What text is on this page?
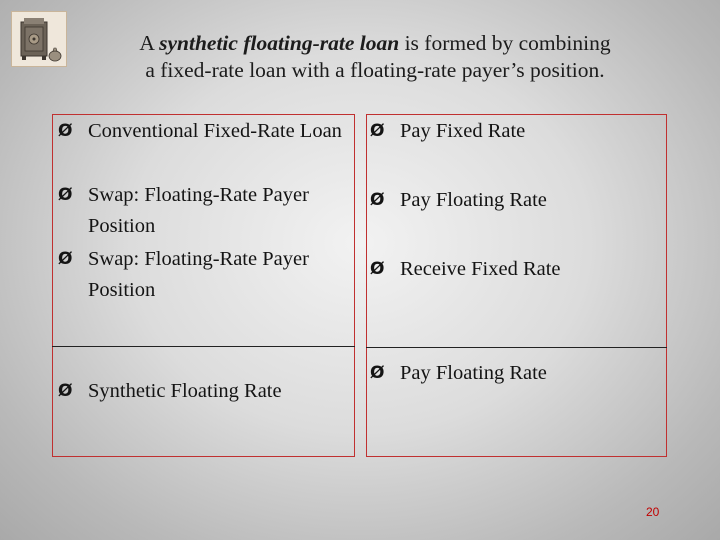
A synthetic floating-rate loan is formed by combining
a fixed-rate loan with a floating-rate payer’s position.
Ø Conventional Fixed-Rate Loan
Ø Swap: Floating-Rate Payer Position
Ø Swap: Floating-Rate Payer Position
Ø Synthetic Floating Rate
Ø Pay Fixed Rate
Ø Pay Floating Rate
Ø Receive Fixed Rate
Ø Pay Floating Rate
20
